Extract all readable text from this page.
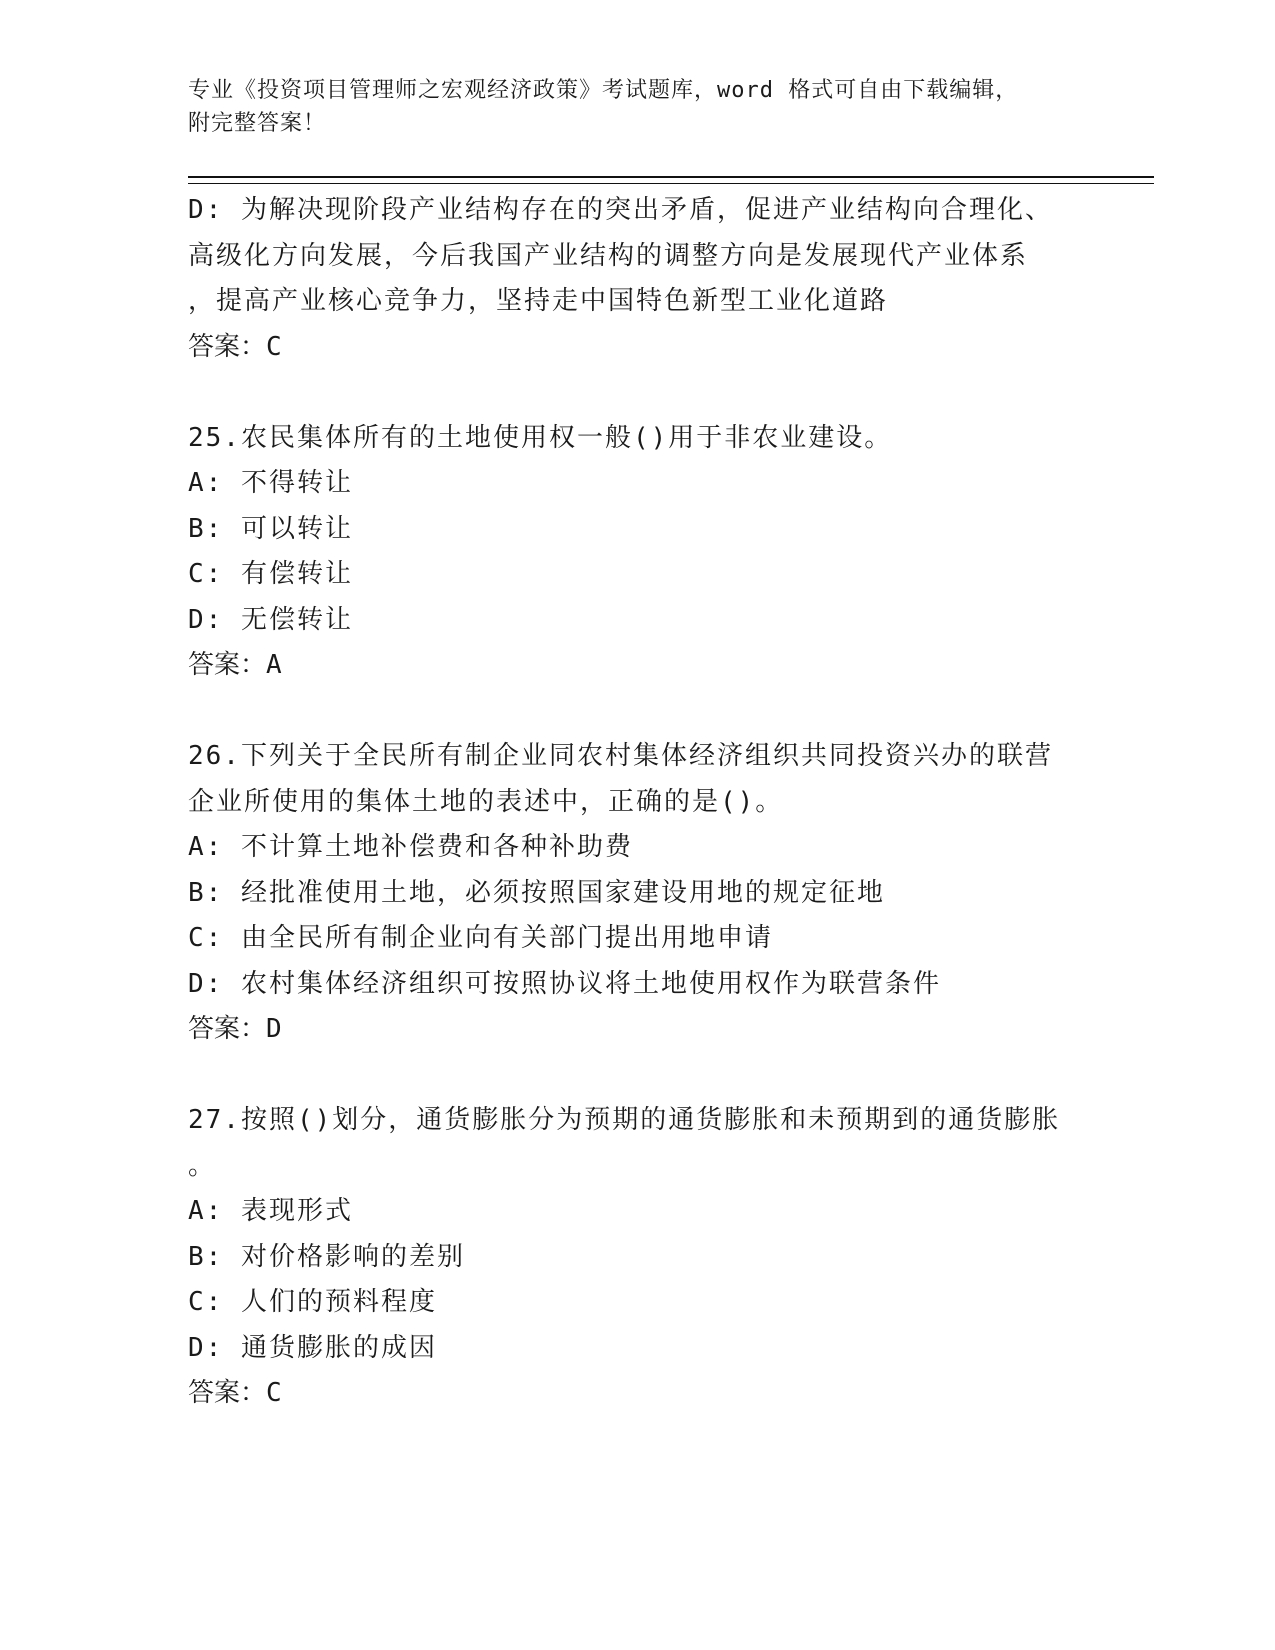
专业《投资项目管理师之宏观经济政策》考试题库，word 格式可自由下载编辑，
附完整答案！
D: 为解决现阶段产业结构存在的突出矛盾，促进产业结构向合理化、
高级化方向发展，今后我国产业结构的调整方向是发展现代产业体系
，提高产业核心竞争力，坚持走中国特色新型工业化道路
答案：C
25.农民集体所有的土地使用权一般()用于非农业建设。
A: 不得转让
B: 可以转让
C: 有偿转让
D: 无偿转让
答案：A
26.下列关于全民所有制企业同农村集体经济组织共同投资兴办的联营
企业所使用的集体土地的表述中，正确的是()。
A: 不计算土地补偿费和各种补助费
B: 经批准使用土地，必须按照国家建设用地的规定征地
C: 由全民所有制企业向有关部门提出用地申请
D: 农村集体经济组织可按照协议将土地使用权作为联营条件
答案：D
27.按照()划分，通货膨胀分为预期的通货膨胀和未预期到的通货膨胀
。
A: 表现形式
B: 对价格影响的差别
C: 人们的预料程度
D: 通货膨胀的成因
答案：C
